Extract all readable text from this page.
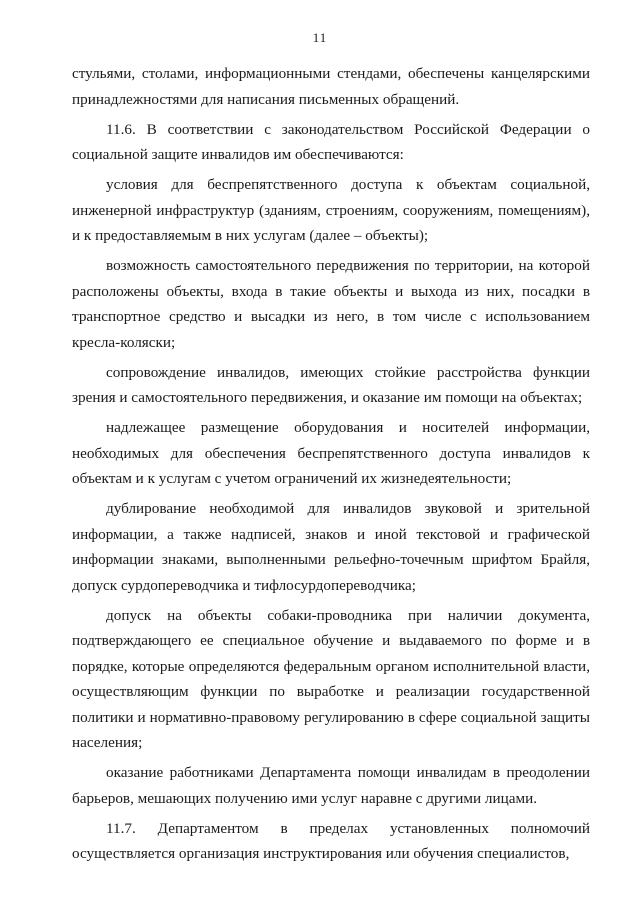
11

стульями, столами, информационными стендами, обеспечены канцелярскими принадлежностями для написания письменных обращений.

11.6. В соответствии с законодательством Российской Федерации о социальной защите инвалидов им обеспечиваются:

условия для беспрепятственного доступа к объектам социальной, инженерной инфраструктур (зданиям, строениям, сооружениям, помещениям), и к предоставляемым в них услугам (далее – объекты);

возможность самостоятельного передвижения по территории, на которой расположены объекты, входа в такие объекты и выхода из них, посадки в транспортное средство и высадки из него, в том числе с использованием кресла-коляски;

сопровождение инвалидов, имеющих стойкие расстройства функции зрения и самостоятельного передвижения, и оказание им помощи на объектах;

надлежащее размещение оборудования и носителей информации, необходимых для обеспечения беспрепятственного доступа инвалидов к объектам и к услугам с учетом ограничений их жизнедеятельности;

дублирование необходимой для инвалидов звуковой и зрительной информации, а также надписей, знаков и иной текстовой и графической информации знаками, выполненными рельефно-точечным шрифтом Брайля, допуск сурдопереводчика и тифлосурдопереводчика;

допуск на объекты собаки-проводника при наличии документа, подтверждающего ее специальное обучение и выдаваемого по форме и в порядке, которые определяются федеральным органом исполнительной власти, осуществляющим функции по выработке и реализации государственной политики и нормативно-правовому регулированию в сфере социальной защиты населения;

оказание работниками Департамента помощи инвалидам в преодолении барьеров, мешающих получению ими услуг наравне с другими лицами.

11.7. Департаментом в пределах установленных полномочий осуществляется организация инструктирования или обучения специалистов,
